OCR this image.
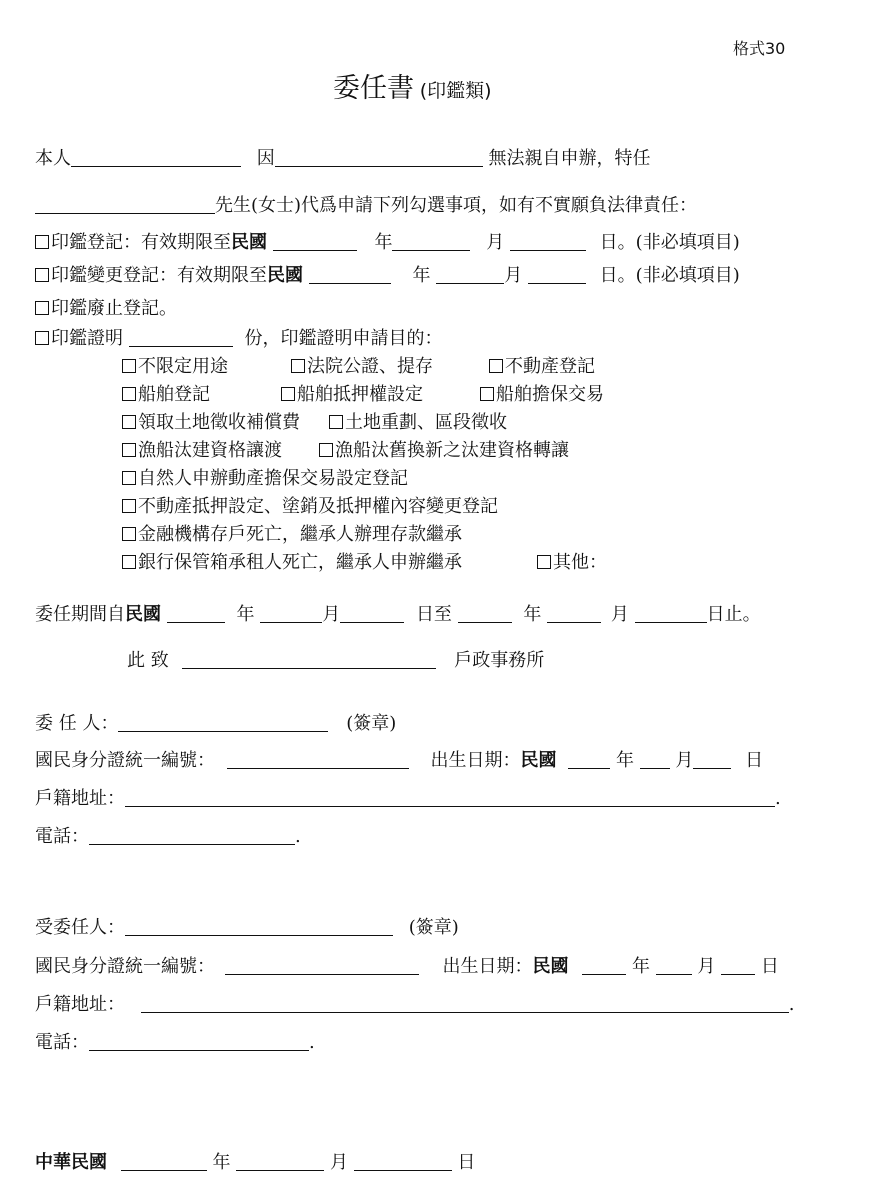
格式30
委任書 (印鑑類)
本人	因	無法親自申辦，特任
先生(女士)代爲申請下列勾選事項，如有不實願負法律責任：
印鑑登記：有效期限至民國	年	月	日。(非必填項目)
印鑑變更登記：有效期限至民國	年	月	日。(非必填項目)
印鑑廢止登記。
印鑑證明	份，印鑑證明申請目的：
不限定用途	法院公證、提存	不動產登記
船舶登記	船舶抵押權設定	船舶擔保交易
領取土地徵收補償費	土地重劃、區段徵收
漁船汰建資格讓渡	漁船汰舊換新之汰建資格轉讓
自然人申辦動產擔保交易設定登記
不動產抵押設定、塗銷及抵押權內容變更登記
金融機構存戶死亡，繼承人辦理存款繼承
銀行保管箱承租人死亡，繼承人申辦繼承	其他：
委任期間自民國	年	月	日至	年	月	日止。
此 致	戶政事務所
委 任 人：	(簽章)
國民身分證統一編號：	出生日期：民國	年 月	日
戶籍地址：	.
電話：	.
受委任人：	(簽章)
國民身分證統一編號：	出生日期：民國	年	月	日
戶籍地址：	.
電話：	.
中華民國	年	月	日
